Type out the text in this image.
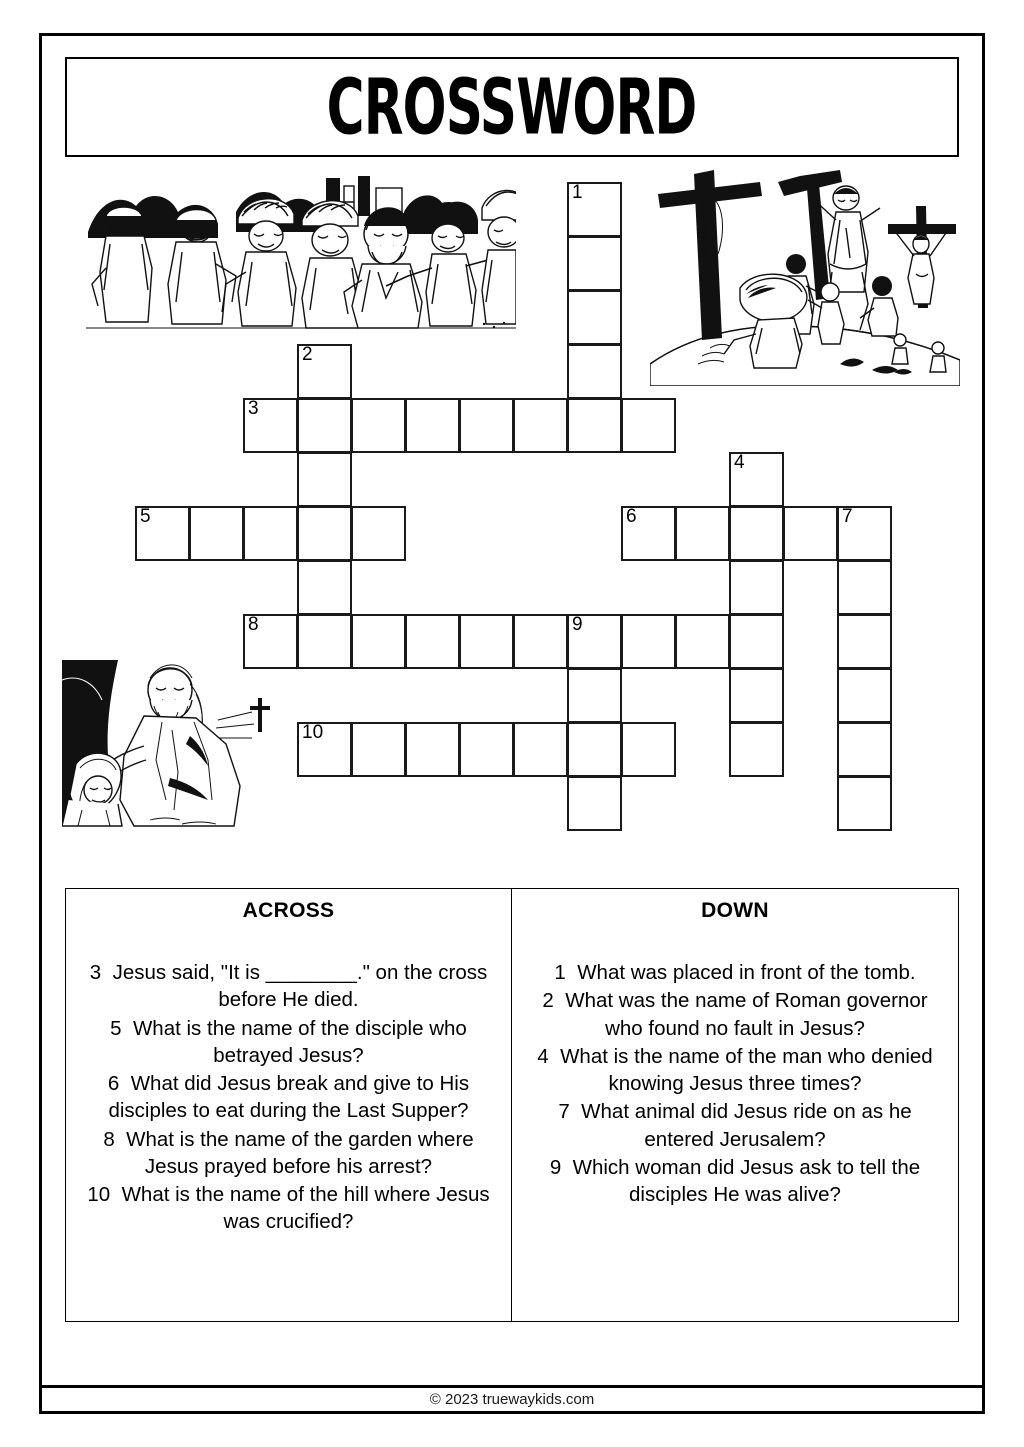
CROSSWORD
1
2
3
4
5	6	7
8	9
10
ACROSS
3  Jesus said, "It is ________." on the cross before He died.
5  What is the name of the disciple who betrayed Jesus?
6  What did Jesus break and give to His disciples to eat during the Last Supper?
8  What is the name of the garden where Jesus prayed before his arrest?
10  What is the name of the hill where Jesus was crucified?
DOWN
1  What was placed in front of the tomb.
2  What was the name of Roman governor who found no fault in Jesus?
4  What is the name of the man who denied knowing Jesus three times?
7  What animal did Jesus ride on as he entered Jerusalem?
9  Which woman did Jesus ask to tell the disciples He was alive?
© 2023 truewaykids.com
